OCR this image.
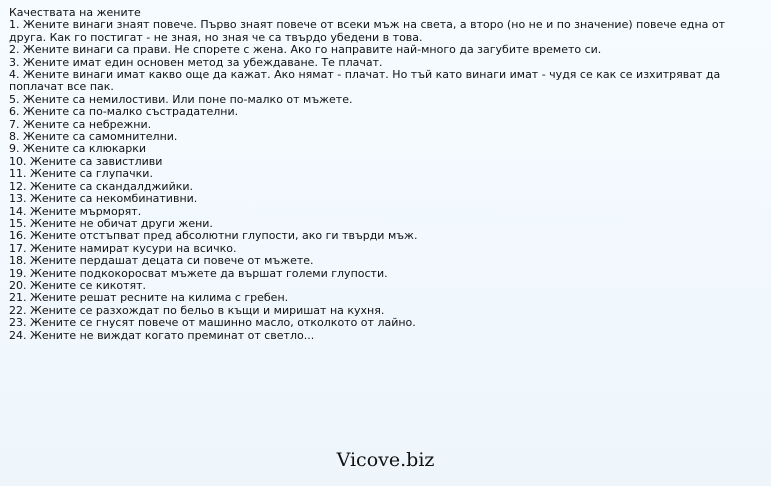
Качествата на жените
1. Жените винаги знаят повече. Първо знаят повече от всеки мъж на света, а второ (но не и по значение) повече една от друга. Как го постигат - не зная, но зная че са твърдо убедени в това.
2. Жените винаги са прави. Не спорете с жена. Ако го направите най-много да загубите времето си.
3. Жените имат един основен метод за убеждаване. Те плачат.
4. Жените винаги имат какво още да кажат. Ако нямат - плачат. Но тъй като винаги имат - чудя се как се изхитряват да поплачат все пак.
5. Жените са немилостиви. Или поне по-малко от мъжете.
6. Жените са по-малко състрадателни.
7. Жените са небрежни.
8. Жените са самомнителни.
9. Жените са клюкарки
10. Жените са завистливи
11. Жените са глупачки.
12. Жените са скандалджийки.
13. Жените са некомбинативни.
14. Жените мърморят.
15. Жените не обичат други жени.
16. Жените отстъпват пред абсолютни глупости, ако ги твърди мъж.
17. Жените намират кусури на всичко.
18. Жените пердашат децата си повече от мъжете.
19. Жените подкокоросват мъжете да вършат големи глупости.
20. Жените се кикотят.
21. Жените решат ресните на килима с гребен.
22. Жените се разхождат по бельо в къщи и миришат на кухня.
23. Жените се гнусят повече от машинно масло, отколкото от лайно.
24. Жените не виждат когато преминат от светло...
Vicove.biz
